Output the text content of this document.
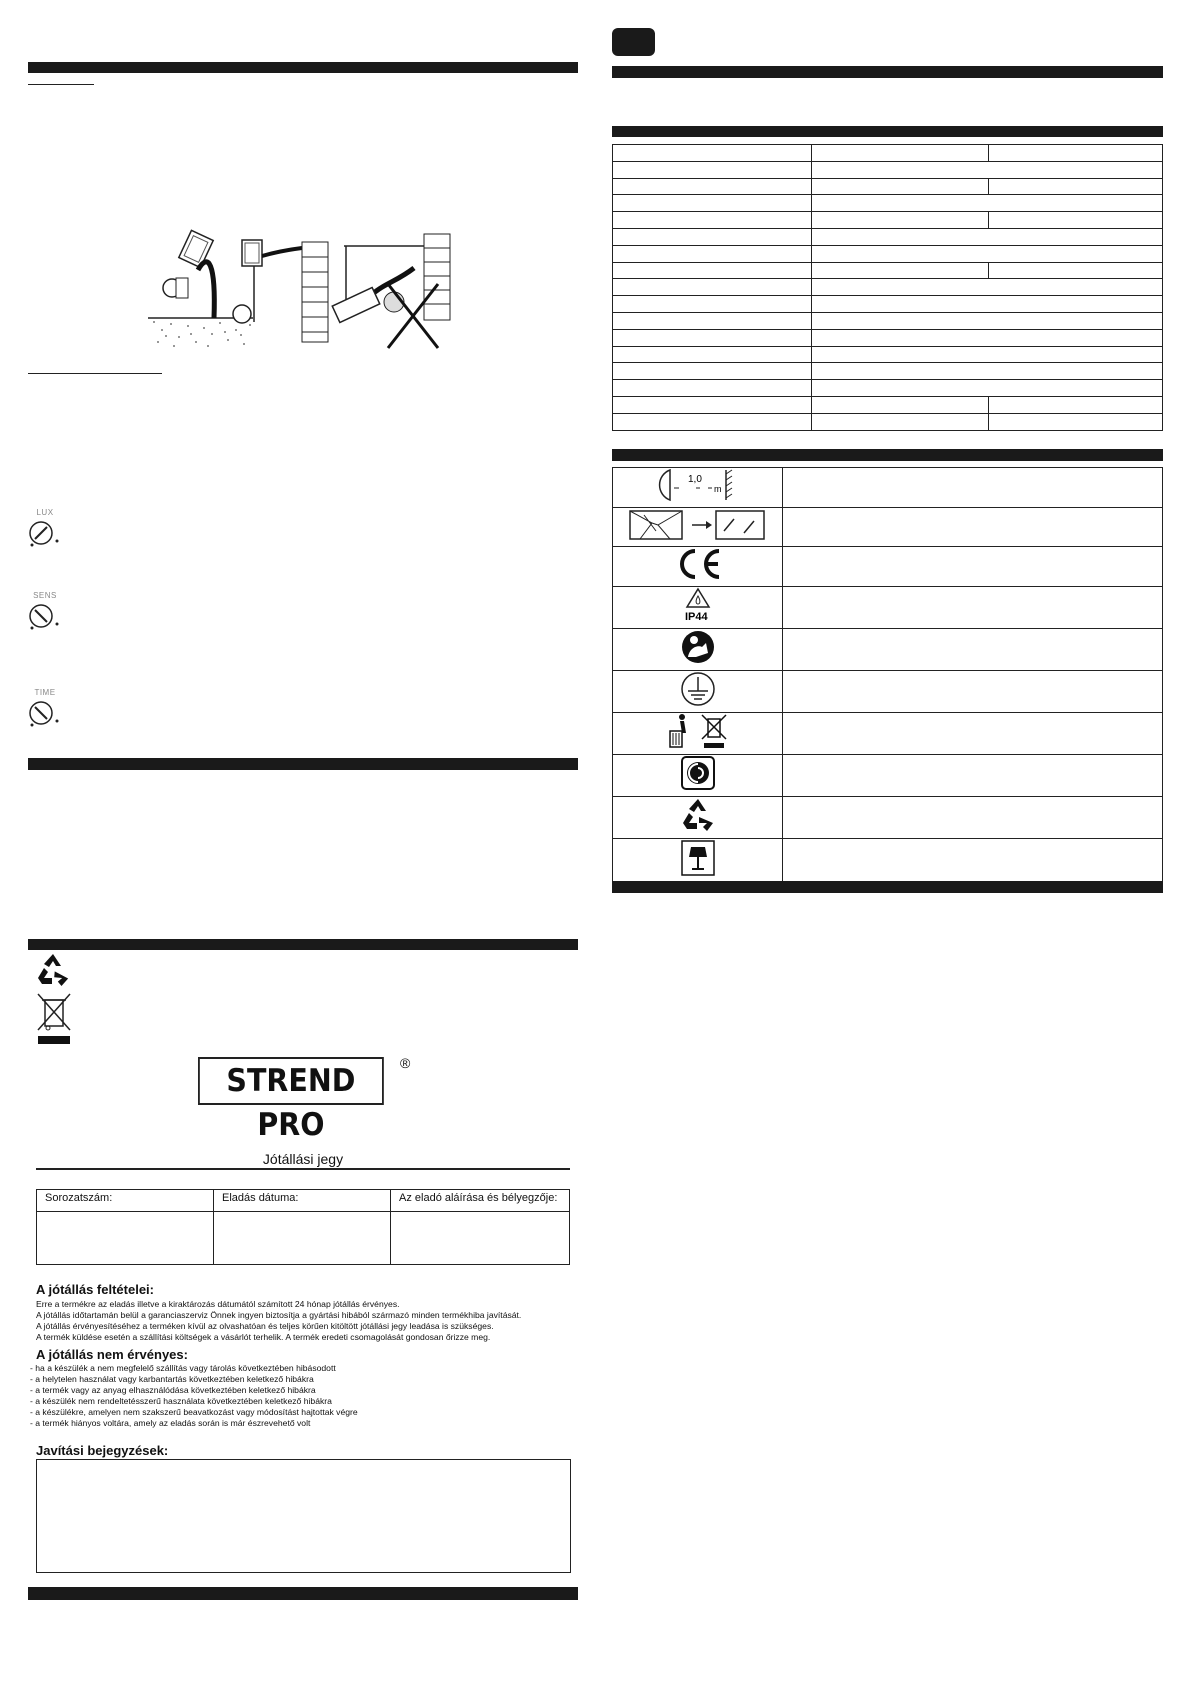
LUX
SENS
TIME
STREND PRO
®
Jótállási jegy
Sorozatszám:	Eladás dátuma:	Az eladó aláírása és bélyegzője:

A jótállás feltételei:
Erre a termékre az eladás illetve a kiraktározás dátumától számított 24 hónap jótállás érvényes.
A jótállás időtartamán belül a garanciaszerviz Önnek ingyen biztosítja a gyártási hibából származó minden termékhiba javítását.
A jótállás érvényesítéséhez a terméken kívül az olvashatóan és teljes körűen kitöltött jótállási jegy leadása is szükséges.
A termék küldése esetén a szállítási költségek a vásárlót terhelik. A termék eredeti csomagolását gondosan őrizze meg.
A jótállás nem érvényes:
- ha a készülék a nem megfelelő szállítás vagy tárolás következtében hibásodott
- a helytelen használat vagy karbantartás következtében keletkező hibákra
- a termék vagy az anyag elhasználódása következtében keletkező hibákra
- a készülék nem rendeltetésszerű használata következtében keletkező hibákra
- a készülékre, amelyen nem szakszerű beavatkozást vagy módosítást hajtottak végre
- a termék hiányos voltára, amely az eladás során is már észrevehető volt
Javítási bejegyzések:

1,0
m	

IP44	
